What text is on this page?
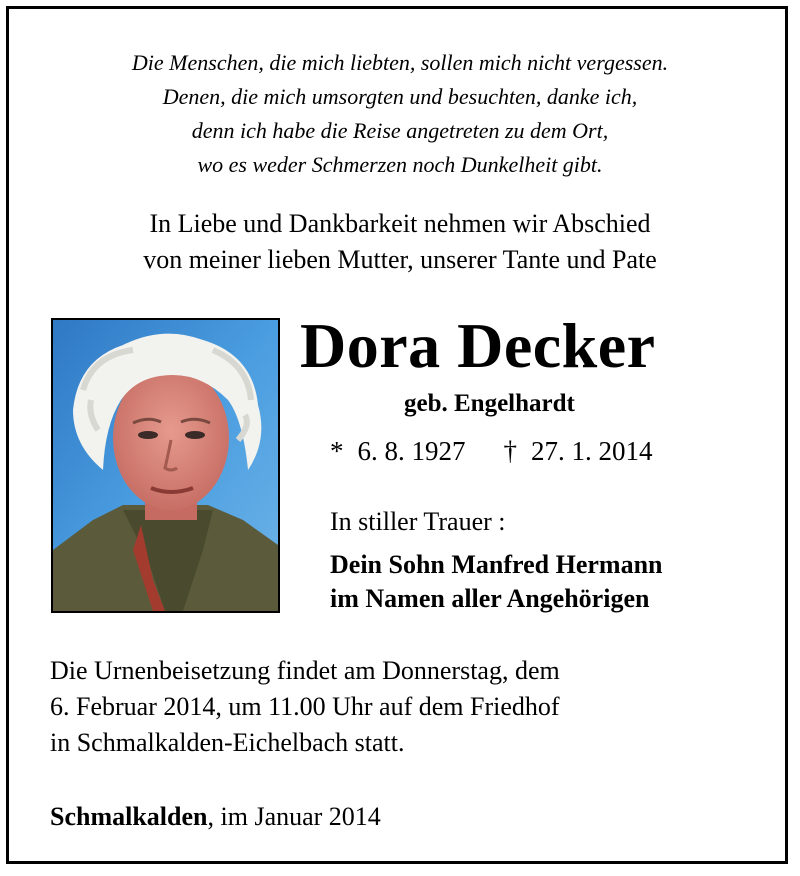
Die Menschen, die mich liebten, sollen mich nicht vergessen.
Denen, die mich umsorgten und besuchten, danke ich,
denn ich habe die Reise angetreten zu dem Ort,
wo es weder Schmerzen noch Dunkelheit gibt.
In Liebe und Dankbarkeit nehmen wir Abschied
von meiner lieben Mutter, unserer Tante und Pate
Dora Decker
geb. Engelhardt
* 6. 8. 1927 † 27. 1. 2014
In stiller Trauer :
Dein Sohn Manfred Hermann
im Namen aller Angehörigen
Die Urnenbeisetzung findet am Donnerstag, dem
6. Februar 2014, um 11.00 Uhr auf dem Friedhof
in Schmalkalden-Eichelbach statt.
Schmalkalden, im Januar 2014
